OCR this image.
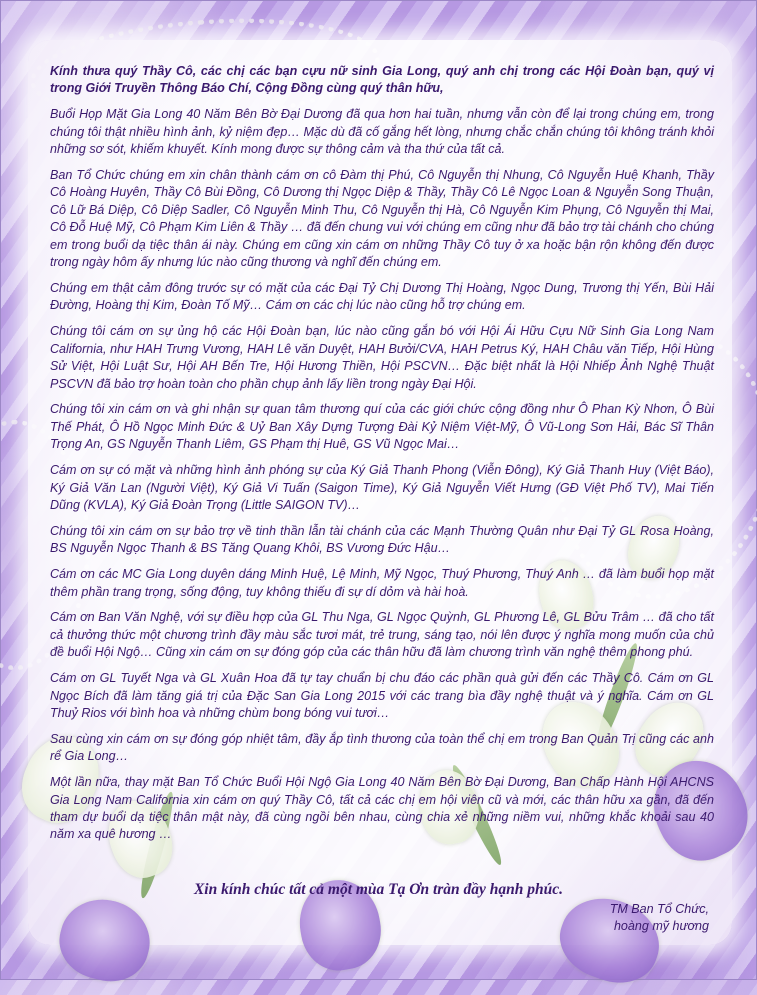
Kính thưa quý Thầy Cô, các chị các bạn cựu nữ sinh Gia Long, quý anh chị trong các Hội Đoàn bạn, quý vị trong Giới Truyền Thông Báo Chí, Cộng Đồng cùng quý thân hữu,

Buổi Họp Mặt Gia Long 40 Năm Bên Bờ Đại Dương đã qua hơn hai tuần, nhưng vẫn còn để lại trong chúng em, trong chúng tôi thật nhiều hình ảnh, kỷ niệm đẹp… Mặc dù đã cố gắng hết lòng, nhưng chắc chắn chúng tôi không tránh khỏi những sơ sót, khiếm khuyết. Kính mong được sự thông cảm và tha thứ của tất cả.

Ban Tổ Chức chúng em xin chân thành cám ơn cô Đàm thị Phú, Cô Nguyễn thị Nhung, Cô Nguyễn Huệ Khanh, Thầy Cô Hoàng Huyên, Thầy Cô Bùi Đồng, Cô Dương thị Ngọc Diệp & Thầy, Thầy Cô Lê Ngọc Loan & Nguyễn Song Thuận, Cô Lữ Bá Diệp, Cô Diệp Sadler, Cô Nguyễn Minh Thu, Cô Nguyễn thị Hà, Cô Nguyễn Kim Phụng, Cô Nguyễn thị Mai, Cô Đỗ Huệ Mỹ, Cô Phạm Kim Liên & Thầy … đã đến chung vui với chúng em cũng như đã bảo trợ tài chánh cho chúng em trong buổi dạ tiệc thân ái này. Chúng em cũng xin cám ơn những Thầy Cô tuy ở xa hoặc bận rộn không đến được trong ngày hôm ấy nhưng lúc nào cũng thương và nghĩ đến chúng em.

Chúng em thật cảm đông trước sự có mặt của các Đại Tỷ Chị Dương Thị Hoàng, Ngọc Dung, Trương thị Yến, Bùi Hải Đường, Hoàng thị Kim, Đoàn Tố Mỹ… Cám ơn các chị lúc nào cũng hỗ trợ chúng em.

Chúng tôi cám ơn sự ủng hộ các Hội Đoàn bạn, lúc nào cũng gắn bó với Hội Ái Hữu Cựu Nữ Sinh Gia Long Nam California, như HAH Trưng Vương, HAH Lê văn Duyệt, HAH Bưởi/CVA, HAH Petrus Ký, HAH Châu văn Tiếp, Hội Hùng Sử Việt, Hội Luật Sư, Hội AH Bến Tre, Hội Hương Thiền, Hội PSCVN… Đặc biệt nhất là Hội Nhiếp Ảnh Nghệ Thuật PSCVN đã bảo trợ hoàn toàn cho phần chụp ảnh lấy liền trong ngày Đại Hội.

Chúng tôi xin cám ơn và ghi nhận sự quan tâm thương quí của các giới chức cộng đồng như Ô Phan Kỳ Nhơn, Ô Bùi Thế Phát, Ô Hồ Ngọc Minh Đức & Uỷ Ban Xây Dựng Tượng Đài Kỷ Niệm Việt-Mỹ, Ô Vũ-Long Sơn Hải, Bác Sĩ Thân Trọng An, GS Nguyễn Thanh Liêm, GS Phạm thị Huê, GS Vũ Ngọc Mai…

Cám ơn sự có mặt và những hình ảnh phóng sự của Ký Giả Thanh Phong (Viễn Đông), Ký Giả Thanh Huy (Việt Báo), Ký Giả Văn Lan (Người Việt), Ký Giả Vi Tuấn (Saigon Time), Ký Giả Nguyễn Viết Hưng (GĐ Việt Phố TV), Mai Tiến Dũng (KVLA), Ký Giả Đoàn Trọng (Little SAIGON TV)…

Chúng tôi xin cám ơn sự bảo trợ về tinh thần lẫn tài chánh của các Mạnh Thường Quân như Đại Tỷ GL Rosa Hoàng, BS Nguyễn Ngọc Thanh & BS Tăng Quang Khôi, BS Vương Đức Hậu…

Cám ơn các MC Gia Long duyên dáng Minh Huệ, Lệ Minh, Mỹ Ngọc, Thuý Phương, Thuý Anh … đã làm buổi họp mặt thêm phần trang trọng, sống động, tuy không thiếu đi sự dí dỏm và hài hoà.

Cám ơn Ban Văn Nghệ, với sự điều hợp của GL Thu Nga, GL Ngọc Quỳnh, GL Phương Lê, GL Bửu Trâm … đã cho tất cả thưởng thức một chương trình đầy màu sắc tươi mát, trẻ trung, sáng tạo, nói lên được ý nghĩa mong muốn của chủ đề buổi Hội Ngộ… Cũng xin cám ơn sự đóng góp của các thân hữu đã làm chương trình văn nghệ thêm phong phú.

Cám ơn GL Tuyết Nga và GL Xuân Hoa đã tự tay chuẩn bị chu đáo các phần quà gửi đến các Thầy Cô. Cám ơn GL Ngọc Bích đã làm tăng giá trị của Đặc San Gia Long 2015 với các trang bìa đầy nghệ thuật và ý nghĩa. Cám ơn GL Thuỷ Rios với bình hoa và những chùm bong bóng vui tươi…

Sau cùng xin cám ơn sự đóng góp nhiệt tâm, đầy ắp tình thương của toàn thể chị em trong Ban Quản Trị cũng các anh rể Gia Long…

Một lần nữa, thay mặt Ban Tổ Chức Buổi Hội Ngộ Gia Long 40 Năm Bên Bờ Đại Dương, Ban Chấp Hành Hội AHCNS Gia Long Nam California xin cám ơn quý Thầy Cô, tất cả các chị em hội viên cũ và mới, các thân hữu xa gần, đã đến tham dự buổi dạ tiệc thân mật này, đã cùng ngồi bên nhau, cùng chia xẻ những niềm vui, những khắc khoải sau 40 năm xa quê hương …

Xin kính chúc tất cả một mùa Tạ Ơn tràn đầy hạnh phúc.
TM Ban Tổ Chức,
hoàng mỹ hương
